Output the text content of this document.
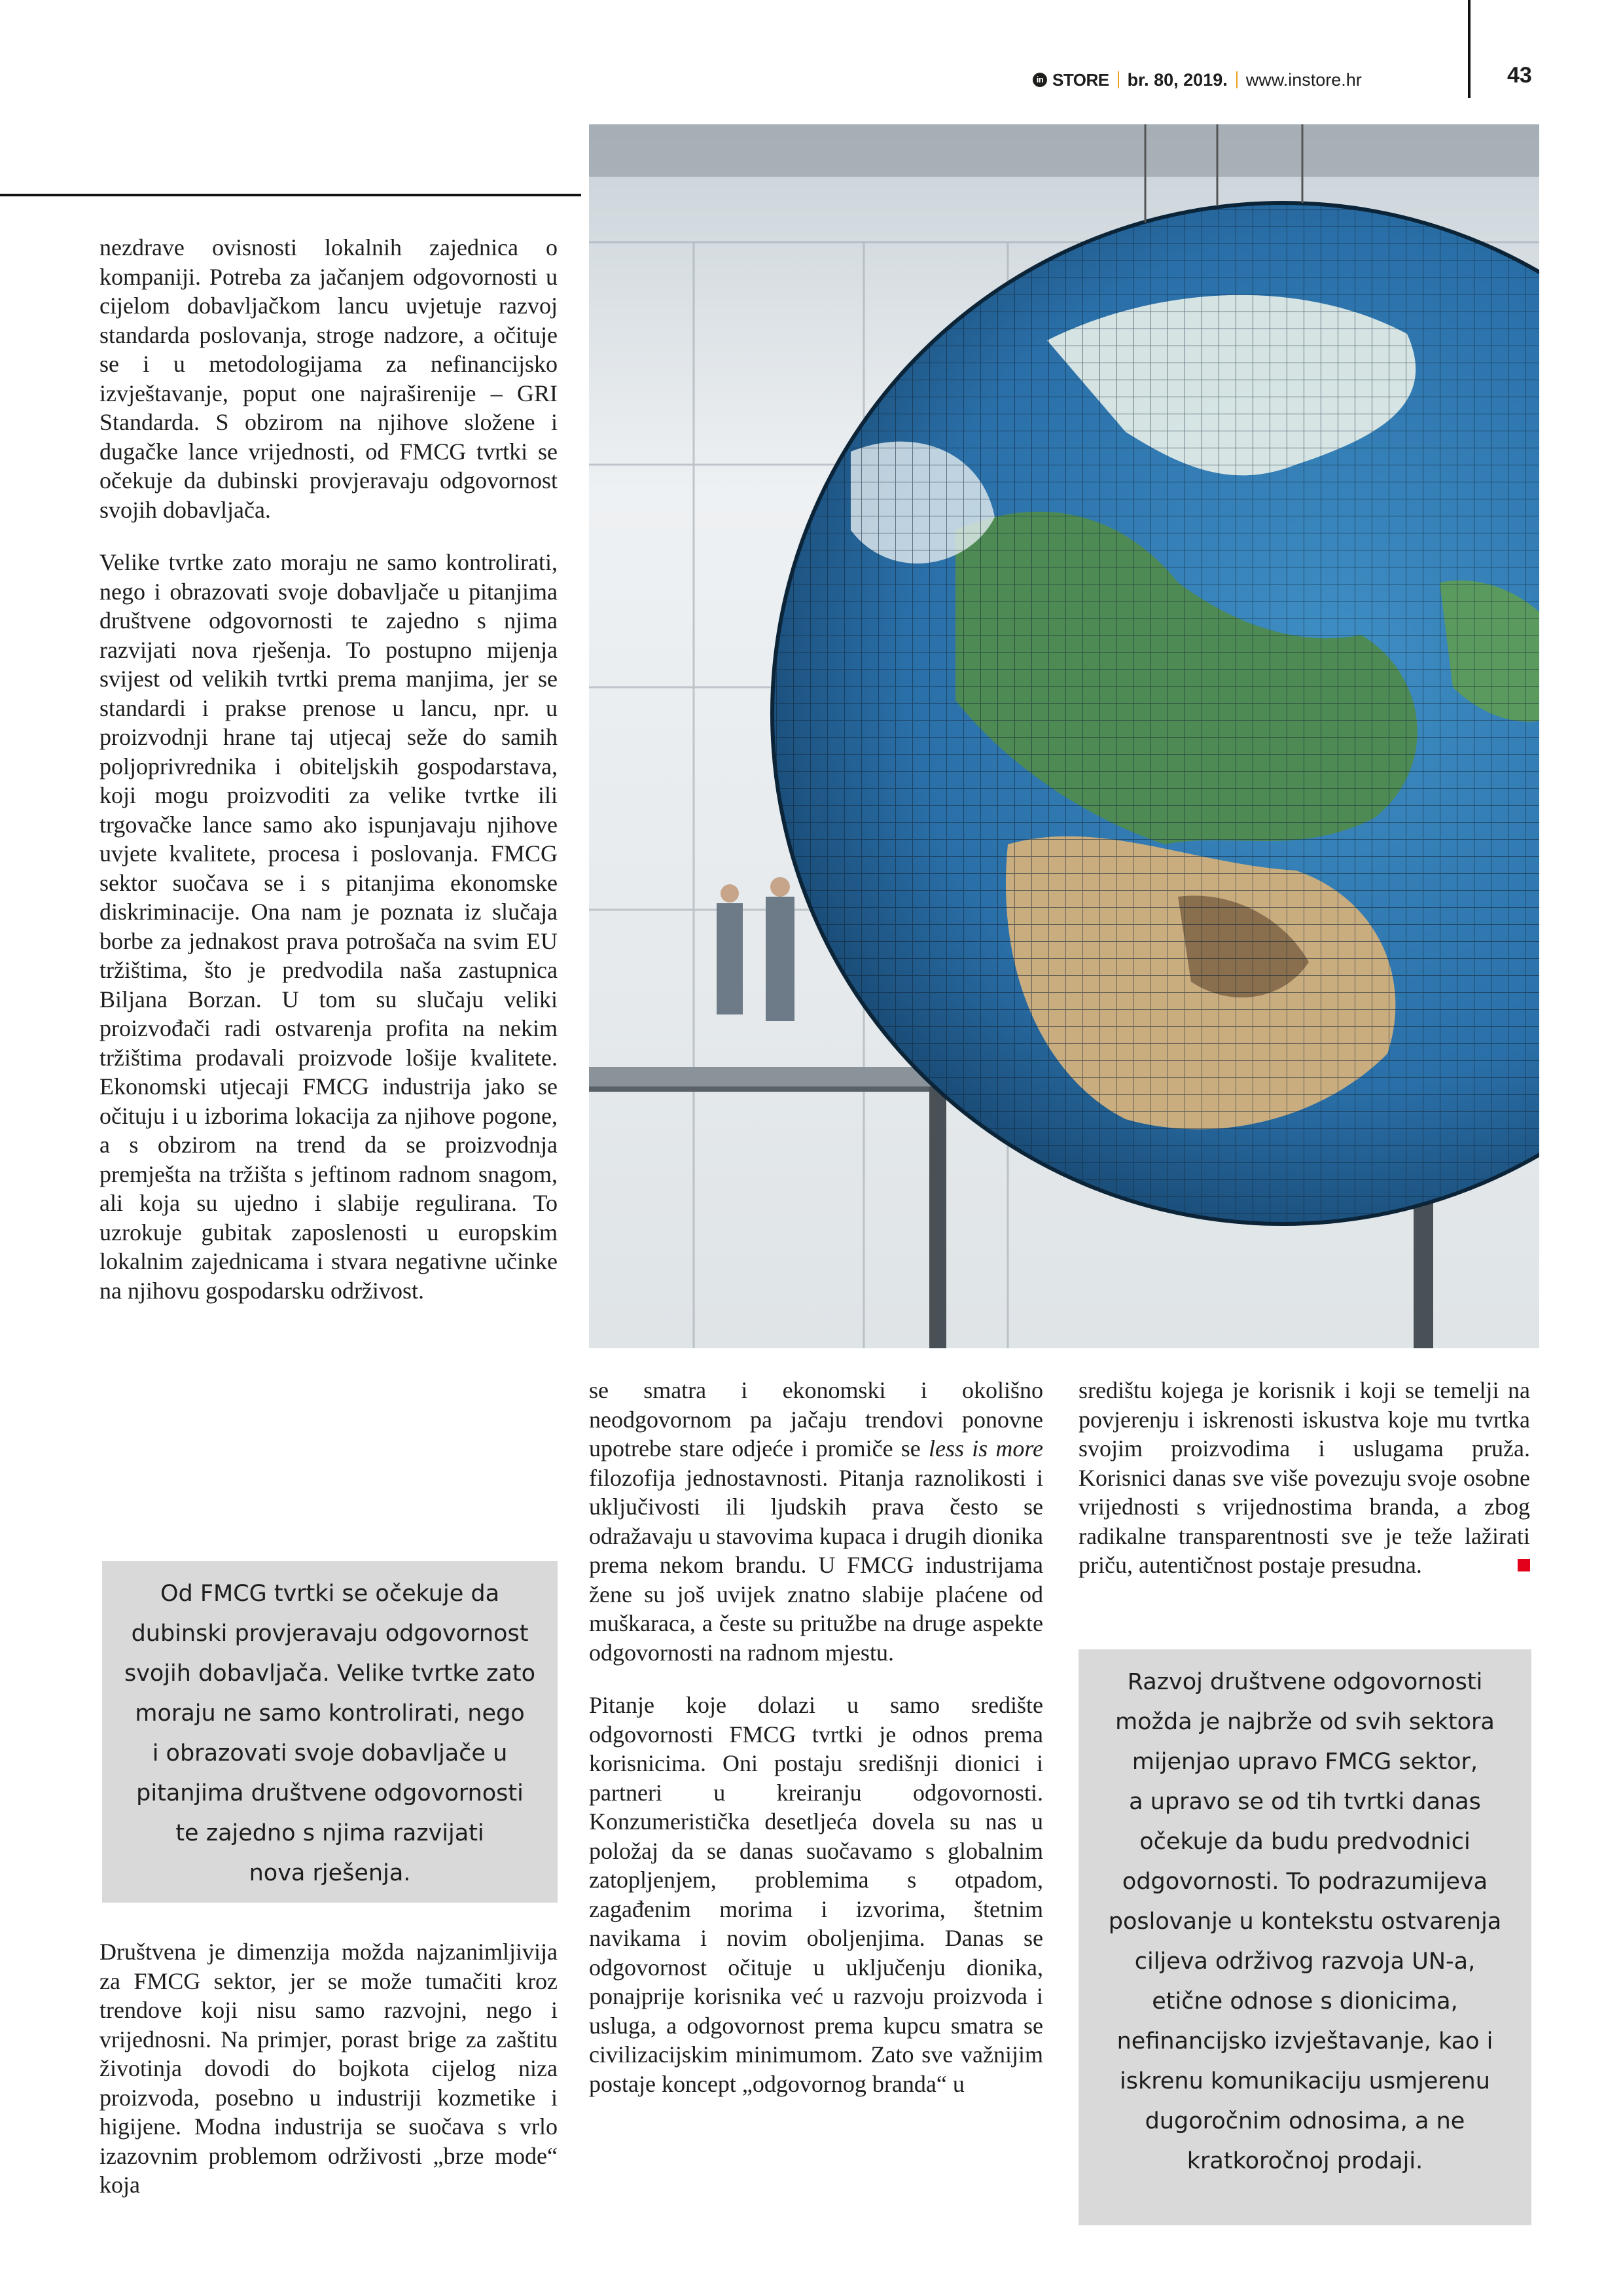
in STORE br. 80, 2019. www.instore.hr	43

nezdrave ovisnosti lokalnih zajednica o kompaniji. Potreba za jačanjem odgovornosti u cijelom dobavljačkom lancu uvjetuje razvoj standarda poslovanja, stroge nadzore, a očituje se i u metodologijama za nefinancijsko izvještavanje, poput one najraširenije – GRI Standarda. S obzirom na njihove složene i dugačke lance vrijednosti, od FMCG tvrtki se očekuje da dubinski provjeravaju odgovornost svojih dobavljača.

Velike tvrtke zato moraju ne samo kontrolirati, nego i obrazovati svoje dobavljače u pitanjima društvene odgovornosti te zajedno s njima razvijati nova rješenja. To postupno mijenja svijest od velikih tvrtki prema manjima, jer se standardi i prakse prenose u lancu, npr. u proizvodnji hrane taj utjecaj seže do samih poljoprivrednika i obiteljskih gospodarstava, koji mogu proizvoditi za velike tvrtke ili trgovačke lance samo ako ispunjavaju njihove uvjete kvalitete, procesa i poslovanja. FMCG sektor suočava se i s pitanjima ekonomske diskriminacije. Ona nam je poznata iz slučaja borbe za jednakost prava potrošača na svim EU tržištima, što je predvodila naša zastupnica Biljana Borzan. U tom su slučaju veliki proizvođači radi ostvarenja profita na nekim tržištima prodavali proizvode lošije kvalitete. Ekonomski utjecaji FMCG industrija jako se očituju i u izborima lokacija za njihove pogone, a s obzirom na trend da se proizvodnja premješta na tržišta s jeftinom radnom snagom, ali koja su ujedno i slabije regulirana. To uzrokuje gubitak zaposlenosti u europskim lokalnim zajednicama i stvara negativne učinke na njihovu gospodarsku održivost.

Od FMCG tvrtki se očekuje da
dubinski provjeravaju odgovornost
svojih dobavljača. Velike tvrtke zato
moraju ne samo kontrolirati, nego
i obrazovati svoje dobavljače u
pitanjima društvene odgovornosti
te zajedno s njima razvijati
nova rješenja.

Društvena je dimenzija možda najzanimljivija za FMCG sektor, jer se može tumačiti kroz trendove koji nisu samo razvojni, nego i vrijednosni. Na primjer, porast brige za zaštitu životinja dovodi do bojkota cijelog niza proizvoda, posebno u industriji kozmetike i higijene. Modna industrija se suočava s vrlo izazovnim problemom održivosti „brze mode“ koja

se smatra i ekonomski i okolišno neodgovornom pa jačaju trendovi ponovne upotrebe stare odjeće i promiče se less is more filozofija jednostavnosti. Pitanja raznolikosti i uključivosti ili ljudskih prava često se odražavaju u stavovima kupaca i drugih dionika prema nekom brandu. U FMCG industrijama žene su još uvijek znatno slabije plaćene od muškaraca, a česte su pritužbe na druge aspekte odgovornosti na radnom mjestu.

Pitanje koje dolazi u samo središte odgovornosti FMCG tvrtki je odnos prema korisnicima. Oni postaju središnji dionici i partneri u kreiranju odgovornosti. Konzumeristička desetljeća dovela su nas u položaj da se danas suočavamo s globalnim zatopljenjem, problemima s otpadom, zagađenim morima i izvorima, štetnim navikama i novim oboljenjima. Danas se odgovornost očituje u uključenju dionika, ponajprije korisnika već u razvoju proizvoda i usluga, a odgovornost prema kupcu smatra se civilizacijskim minimumom. Zato sve važnijim postaje koncept „odgovornog branda“ u

središtu kojega je korisnik i koji se temelji na povjerenju i iskrenosti iskustva koje mu tvrtka svojim proizvodima i uslugama pruža. Korisnici danas sve više povezuju svoje osobne vrijednosti s vrijednostima branda, a zbog radikalne transparentnosti sve je teže lažirati priču, autentičnost postaje presudna.

Razvoj društvene odgovornosti
možda je najbrže od svih sektora
mijenjao upravo FMCG sektor,
a upravo se od tih tvrtki danas
očekuje da budu predvodnici
odgovornosti. To podrazumijeva
poslovanje u kontekstu ostvarenja
ciljeva održivog razvoja UN-a,
etične odnose s dionicima,
nefinancijsko izvještavanje, kao i
iskrenu komunikaciju usmjerenu
dugoročnim odnosima, a ne
kratkoročnoj prodaji.
